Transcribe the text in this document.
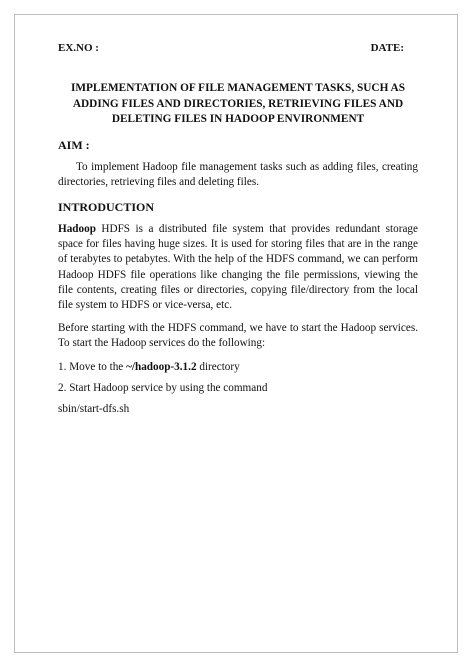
EX.NO :	DATE:
IMPLEMENTATION OF FILE MANAGEMENT TASKS, SUCH AS ADDING FILES AND DIRECTORIES, RETRIEVING FILES AND DELETING FILES IN HADOOP ENVIRONMENT
AIM :
To implement Hadoop file management tasks such as adding files, creating directories, retrieving files and deleting files.
INTRODUCTION
Hadoop HDFS is a distributed file system that provides redundant storage space for files having huge sizes. It is used for storing files that are in the range of terabytes to petabytes. With the help of the HDFS command, we can perform Hadoop HDFS file operations like changing the file permissions, viewing the file contents, creating files or directories, copying file/directory from the local file system to HDFS or vice-versa, etc.
Before starting with the HDFS command, we have to start the Hadoop services. To start the Hadoop services do the following:
1. Move to the ~/hadoop-3.1.2 directory
2. Start Hadoop service by using the command
sbin/start-dfs.sh
